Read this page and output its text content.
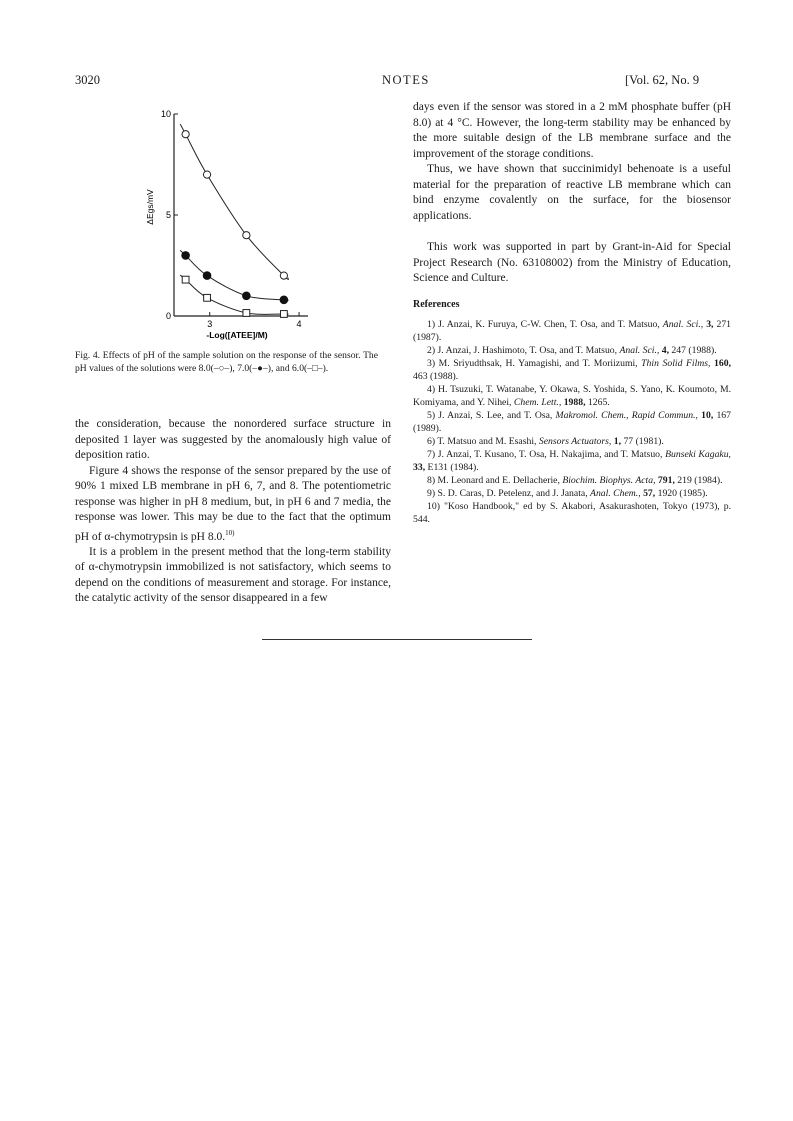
3020	NOTES	[Vol. 62, No. 9
0
5
10
3	4
-Log([ATEE]/M)
ΔEgs/mV
Fig. 4. Effects of pH of the sample solution on the response of the sensor. The pH values of the solutions were 8.0(–○–), 7.0(–●–), and 6.0(–□–).

the consideration, because the nonordered surface structure in deposited 1 layer was suggested by the anomalously high value of deposition ratio.

Figure 4 shows the response of the sensor prepared by the use of 90% 1 mixed LB membrane in pH 6, 7, and 8. The potentiometric response was higher in pH 8 medium, but, in pH 6 and 7 media, the response was lower. This may be due to the fact that the optimum pH of α-chymotrypsin is pH 8.0.$^{10)}$

It is a problem in the present method that the long-term stability of α-chymotrypsin immobilized is not satisfactory, which seems to depend on the conditions of measurement and storage. For instance, the catalytic activity of the sensor disappeared in a few

days even if the sensor was stored in a 2 mM phosphate buffer (pH 8.0) at 4 °C. However, the long-term stability may be enhanced by the more suitable design of the LB membrane surface and the improvement of the storage conditions.

Thus, we have shown that succinimidyl behenoate is a useful material for the preparation of reactive LB membrane which can bind enzyme covalently on the surface, for the biosensor applications.

This work was supported in part by Grant-in-Aid for Special Project Research (No. 63108002) from the Ministry of Education, Science and Culture.

References
1) J. Anzai, K. Furuya, C-W. Chen, T. Osa, and T. Matsuo, Anal. Sci., 3, 271 (1987).
2) J. Anzai, J. Hashimoto, T. Osa, and T. Matsuo, Anal. Sci., 4, 247 (1988).
3) M. Sriyudthsak, H. Yamagishi, and T. Moriizumi, Thin Solid Films, 160, 463 (1988).
4) H. Tsuzuki, T. Watanabe, Y. Okawa, S. Yoshida, S. Yano, K. Koumoto, M. Komiyama, and Y. Nihei, Chem. Lett., 1988, 1265.
5) J. Anzai, S. Lee, and T. Osa, Makromol. Chem., Rapid Commun., 10, 167 (1989).
6) T. Matsuo and M. Esashi, Sensors Actuators, 1, 77 (1981).
7) J. Anzai, T. Kusano, T. Osa, H. Nakajima, and T. Matsuo, Bunseki Kagaku, 33, E131 (1984).
8) M. Leonard and E. Dellacherie, Biochim. Biophys. Acta, 791, 219 (1984).
9) S. D. Caras, D. Petelenz, and J. Janata, Anal. Chem., 57, 1920 (1985).
10) "Koso Handbook," ed by S. Akabori, Asakurashoten, Tokyo (1973), p. 544.
